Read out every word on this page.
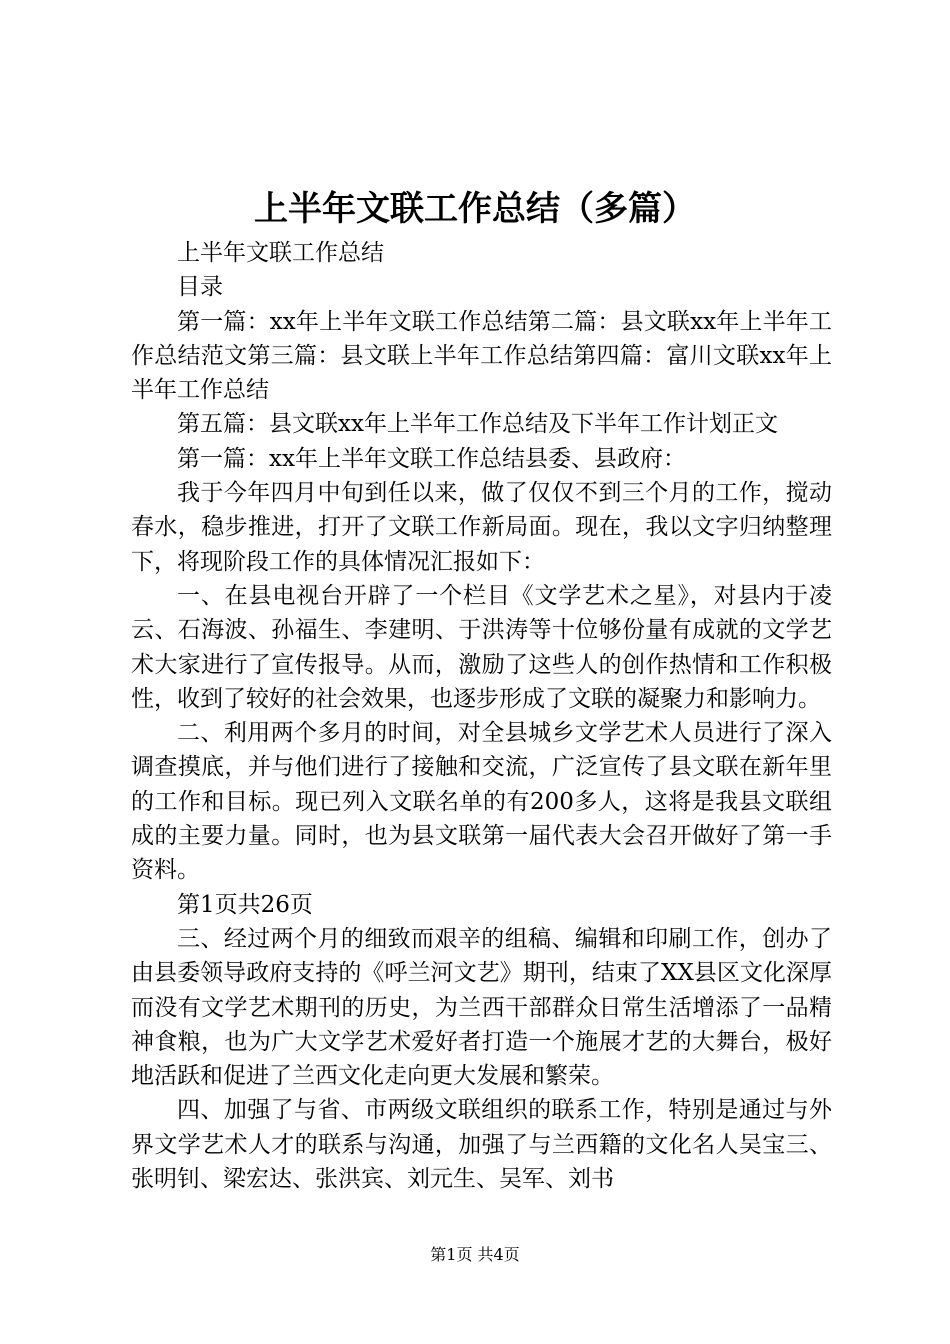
上半年文联工作总结（多篇）

上半年文联工作总结

目录

第一篇：xx年上半年文联工作总结第二篇：县文联xx年上半年工作总结范文第三篇：县文联上半年工作总结第四篇：富川文联xx年上半年工作总结

第五篇：县文联xx年上半年工作总结及下半年工作计划正文

第一篇：xx年上半年文联工作总结县委、县政府：

我于今年四月中旬到任以来，做了仅仅不到三个月的工作，搅动春水，稳步推进，打开了文联工作新局面。现在，我以文字归纳整理下，将现阶段工作的具体情况汇报如下：

一、在县电视台开辟了一个栏目《文学艺术之星》，对县内于凌云、石海波、孙福生、李建明、于洪涛等十位够份量有成就的文学艺术大家进行了宣传报导。从而，激励了这些人的创作热情和工作积极性，收到了较好的社会效果，也逐步形成了文联的凝聚力和影响力。

二、利用两个多月的时间，对全县城乡文学艺术人员进行了深入调查摸底，并与他们进行了接触和交流，广泛宣传了县文联在新年里的工作和目标。现已列入文联名单的有200多人，这将是我县文联组成的主要力量。同时，也为县文联第一届代表大会召开做好了第一手资料。

第1页共26页

三、经过两个月的细致而艰辛的组稿、编辑和印刷工作，创办了由县委领导政府支持的《呼兰河文艺》期刊，结束了XX县区文化深厚而没有文学艺术期刊的历史，为兰西干部群众日常生活增添了一品精神食粮，也为广大文学艺术爱好者打造一个施展才艺的大舞台，极好地活跃和促进了兰西文化走向更大发展和繁荣。

四、加强了与省、市两级文联组织的联系工作，特别是通过与外界文学艺术人才的联系与沟通，加强了与兰西籍的文化名人吴宝三、张明钊、梁宏达、张洪宾、刘元生、吴军、刘书

第1页 共4页
